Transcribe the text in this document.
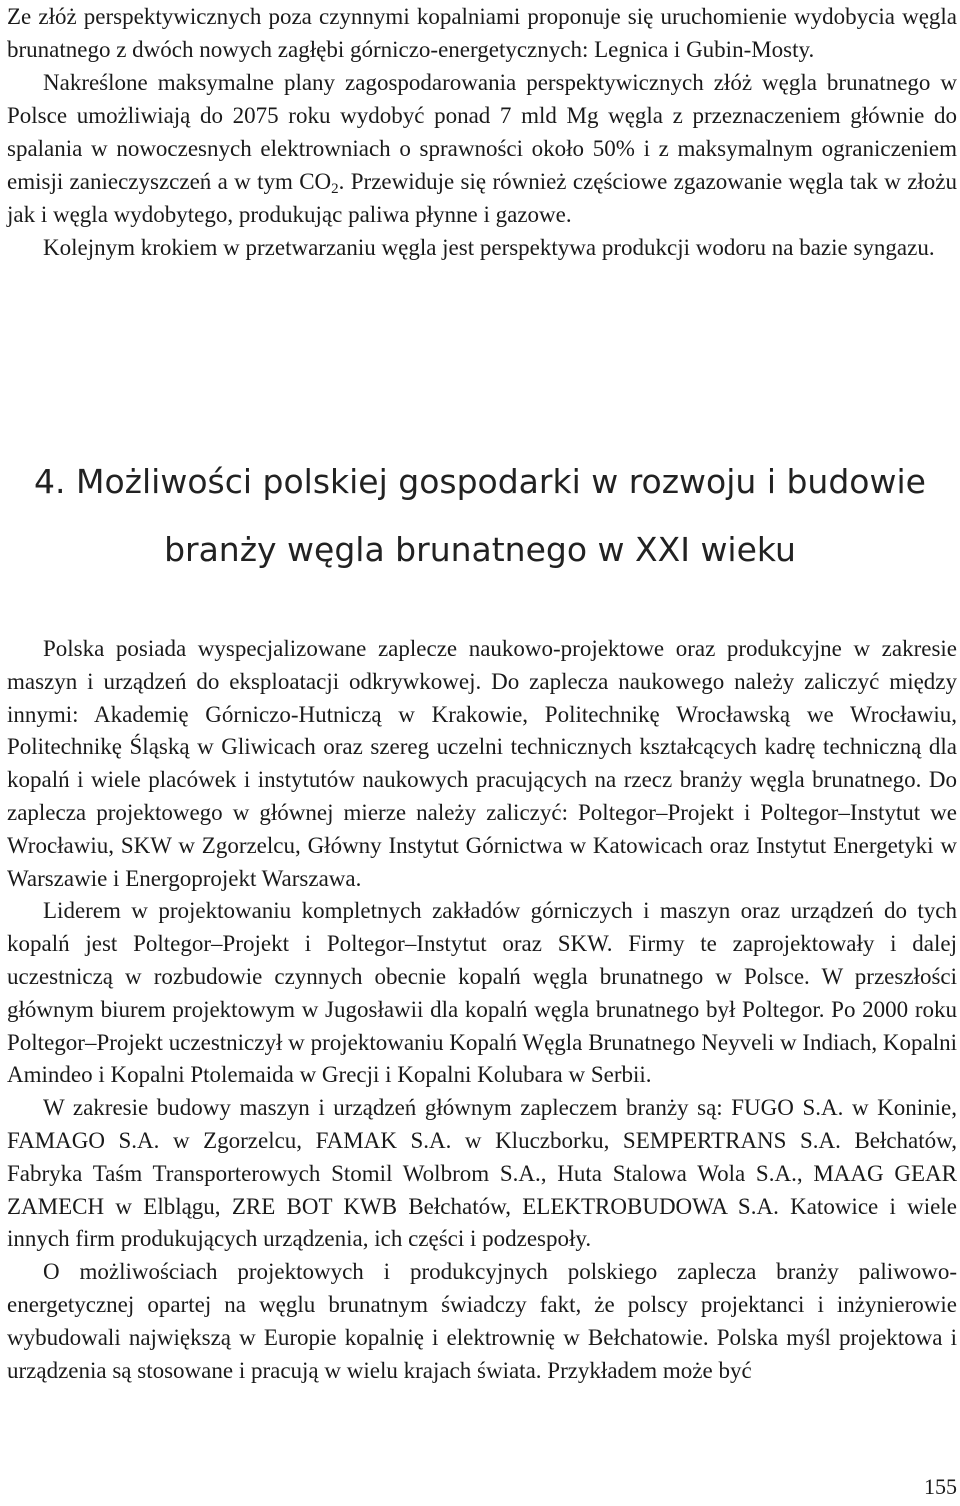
Ze złóż perspektywicznych poza czynnymi kopalniami proponuje się uruchomienie wydobycia węgla brunatnego z dwóch nowych zagłębi górniczo-energetycznych: Legnica i Gubin-Mosty.

Nakreślone maksymalne plany zagospodarowania perspektywicznych złóż węgla brunatnego w Polsce umożliwiają do 2075 roku wydobyć ponad 7 mld Mg węgla z przeznaczeniem głównie do spalania w nowoczesnych elektrowniach o sprawności około 50% i z maksymalnym ograniczeniem emisji zanieczyszczeń a w tym $CO_2$. Przewiduje się również częściowe zgazowanie węgla tak w złożu jak i węgla wydobytego, produkując paliwa płynne i gazowe.

Kolejnym krokiem w przetwarzaniu węgla jest perspektywa produkcji wodoru na bazie syngazu.

4. Możliwości polskiej gospodarki w rozwoju i budowie
branży węgla brunatnego w XXI wieku

Polska posiada wyspecjalizowane zaplecze naukowo-projektowe oraz produkcyjne w zakresie maszyn i urządzeń do eksploatacji odkrywkowej. Do zaplecza naukowego należy zaliczyć między innymi: Akademię Górniczo-Hutniczą w Krakowie, Politechnikę Wrocławską we Wrocławiu, Politechnikę Śląską w Gliwicach oraz szereg uczelni technicznych kształcących kadrę techniczną dla kopalń i wiele placówek i instytutów naukowych pracujących na rzecz branży węgla brunatnego. Do zaplecza projektowego w głównej mierze należy zaliczyć: Poltegor–Projekt i Poltegor–Instytut we Wrocławiu, SKW w Zgorzelcu, Główny Instytut Górnictwa w Katowicach oraz Instytut Energetyki w Warszawie i Energoprojekt Warszawa.

Liderem w projektowaniu kompletnych zakładów górniczych i maszyn oraz urządzeń do tych kopalń jest Poltegor–Projekt i Poltegor–Instytut oraz SKW. Firmy te zaprojektowały i dalej uczestniczą w rozbudowie czynnych obecnie kopalń węgla brunatnego w Polsce. W przeszłości głównym biurem projektowym w Jugosławii dla kopalń węgla brunatnego był Poltegor. Po 2000 roku Poltegor–Projekt uczestniczył w projektowaniu Kopalń Węgla Brunatnego Neyveli w Indiach, Kopalni Amindeo i Kopalni Ptolemaida w Grecji i Kopalni Kolubara w Serbii.

W zakresie budowy maszyn i urządzeń głównym zapleczem branży są: FUGO S.A. w Koninie, FAMAGO S.A. w Zgorzelcu, FAMAK S.A. w Kluczborku, SEMPERTRANS S.A. Bełchatów, Fabryka Taśm Transporterowych Stomil Wolbrom S.A., Huta Stalowa Wola S.A., MAAG GEAR ZAMECH w Elblągu, ZRE BOT KWB Bełchatów, ELEKTROBUDOWA S.A. Katowice i wiele innych firm produkujących urządzenia, ich części i podzespoły.

O możliwościach projektowych i produkcyjnych polskiego zaplecza branży paliwowo-energetycznej opartej na węglu brunatnym świadczy fakt, że polscy projektanci i inżynierowie wybudowali największą w Europie kopalnię i elektrownię w Bełchatowie. Polska myśl projektowa i urządzenia są stosowane i pracują w wielu krajach świata. Przykładem może być

155
